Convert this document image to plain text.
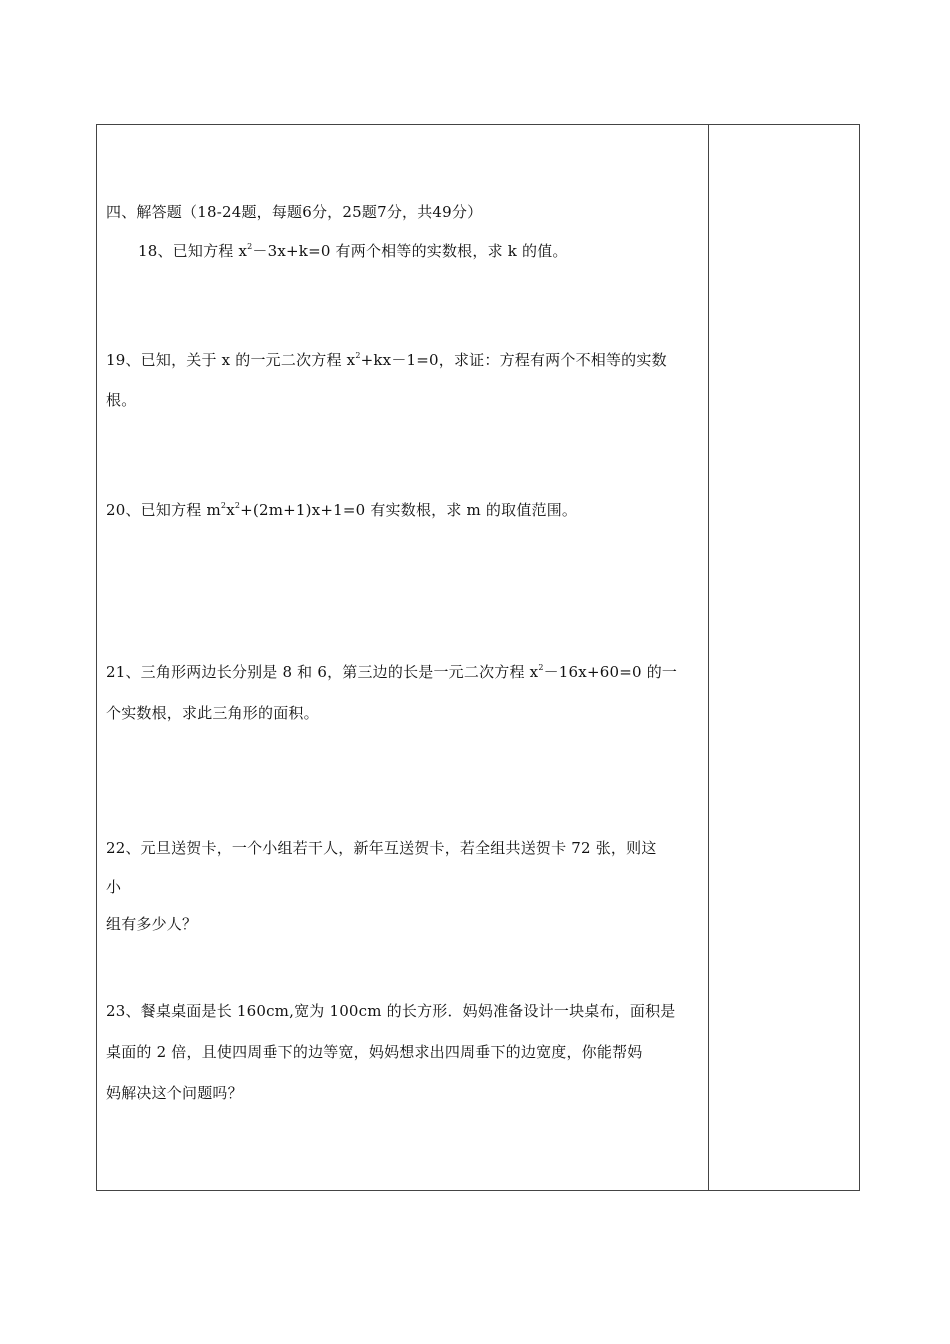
四、解答题（18-24题，每题6分，25题7分，共49分）
18、已知方程 $x^2-3x+k=0$ 有两个相等的实数根，求 k 的值。
19、已知，关于 x 的一元二次方程 $x^2+kx-1=0$，求证：方程有两个不相等的实数
根。
20、已知方程 $m^2x^2+(2m+1)x+1=0$ 有实数根，求 m 的取值范围。
21、三角形两边长分别是 8 和 6，第三边的长是一元二次方程 $x^2-16x+60=0$ 的一
个实数根，求此三角形的面积。
22、元旦送贺卡，一个小组若干人，新年互送贺卡，若全组共送贺卡 72 张，则这
小
组有多少人？
23、餐桌桌面是长 160cm,宽为 100cm 的长方形．妈妈准备设计一块桌布，面积是
桌面的 2 倍，且使四周垂下的边等宽，妈妈想求出四周垂下的边宽度，你能帮妈
妈解决这个问题吗？
